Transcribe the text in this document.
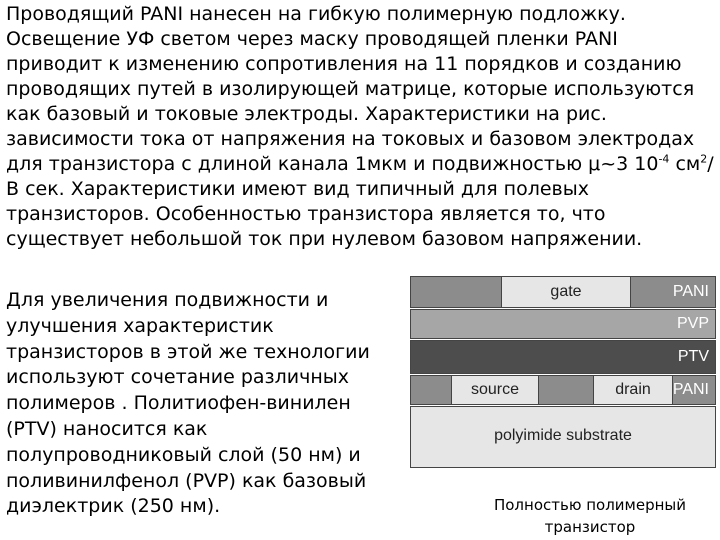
Проводящий PANI нанесен на гибкую полимерную подложку. Освещение УФ светом через маску проводящей пленки PANI приводит к изменению сопротивления на 11 порядков и созданию проводящих путей в изолирующей матрице, которые используются как базовый и токовые электроды. Характеристики на рис. зависимости тока от напряжения на токовых и базовом электродах для транзистора с длиной канала 1мкм и подвижностью μ~3 $10^{-4}$ $см^2/В$ сек. Характеристики имеют вид типичный для полевых транзисторов. Особенностью транзистора является то, что существует небольшой ток при нулевом базовом напряжении.
Для увеличения подвижности и улучшения характеристик транзисторов в этой же технологии используют сочетание различных полимеров . Политиофен-винилен (PTV) наносится как полупроводниковый слой (50 нм) и поливинилфенол (PVP) как базовый диэлектрик (250 нм).
gate	PANI
PVP
PTV
source	drain	PANI
polyimide substrate
Полностью полимерный
транзистор
